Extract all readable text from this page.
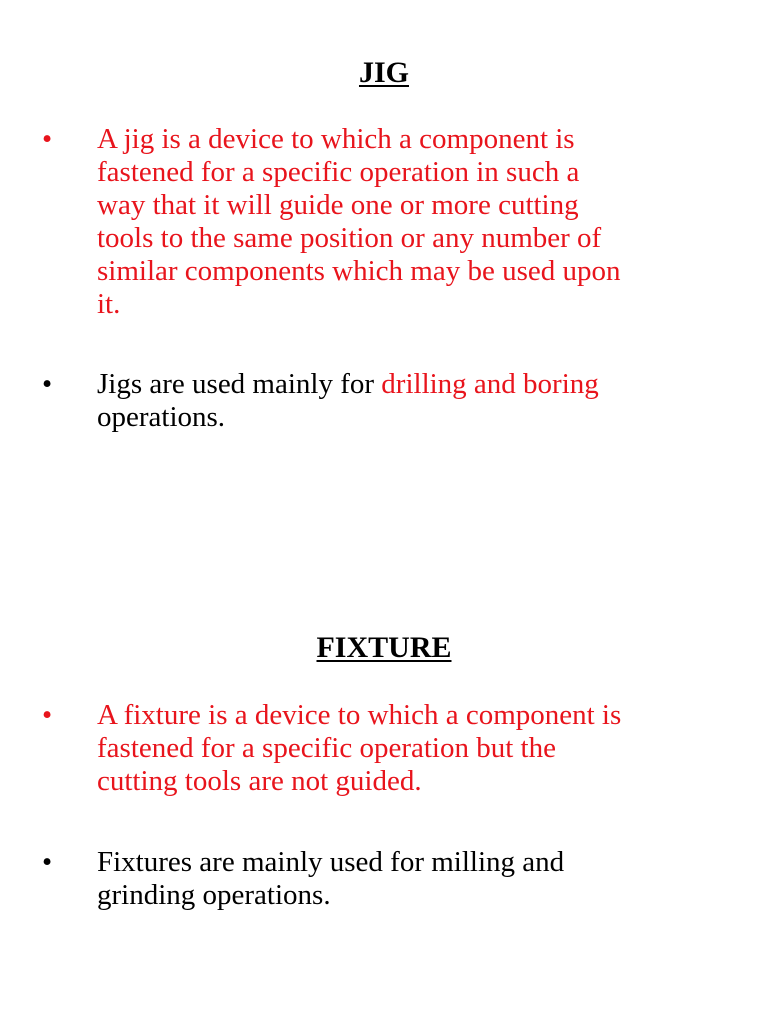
JIG
•	A jig is a device to which a component is
fastened for a specific operation in such a
way that it will guide one or more cutting
tools to the same position or any number of
similar components which may be used upon
it.
•	Jigs are used mainly for drilling and boring
operations.
FIXTURE
•	A fixture is a device to which a component is
fastened for a specific operation but the
cutting tools are not guided.
•	Fixtures are mainly used for milling and
grinding operations.
